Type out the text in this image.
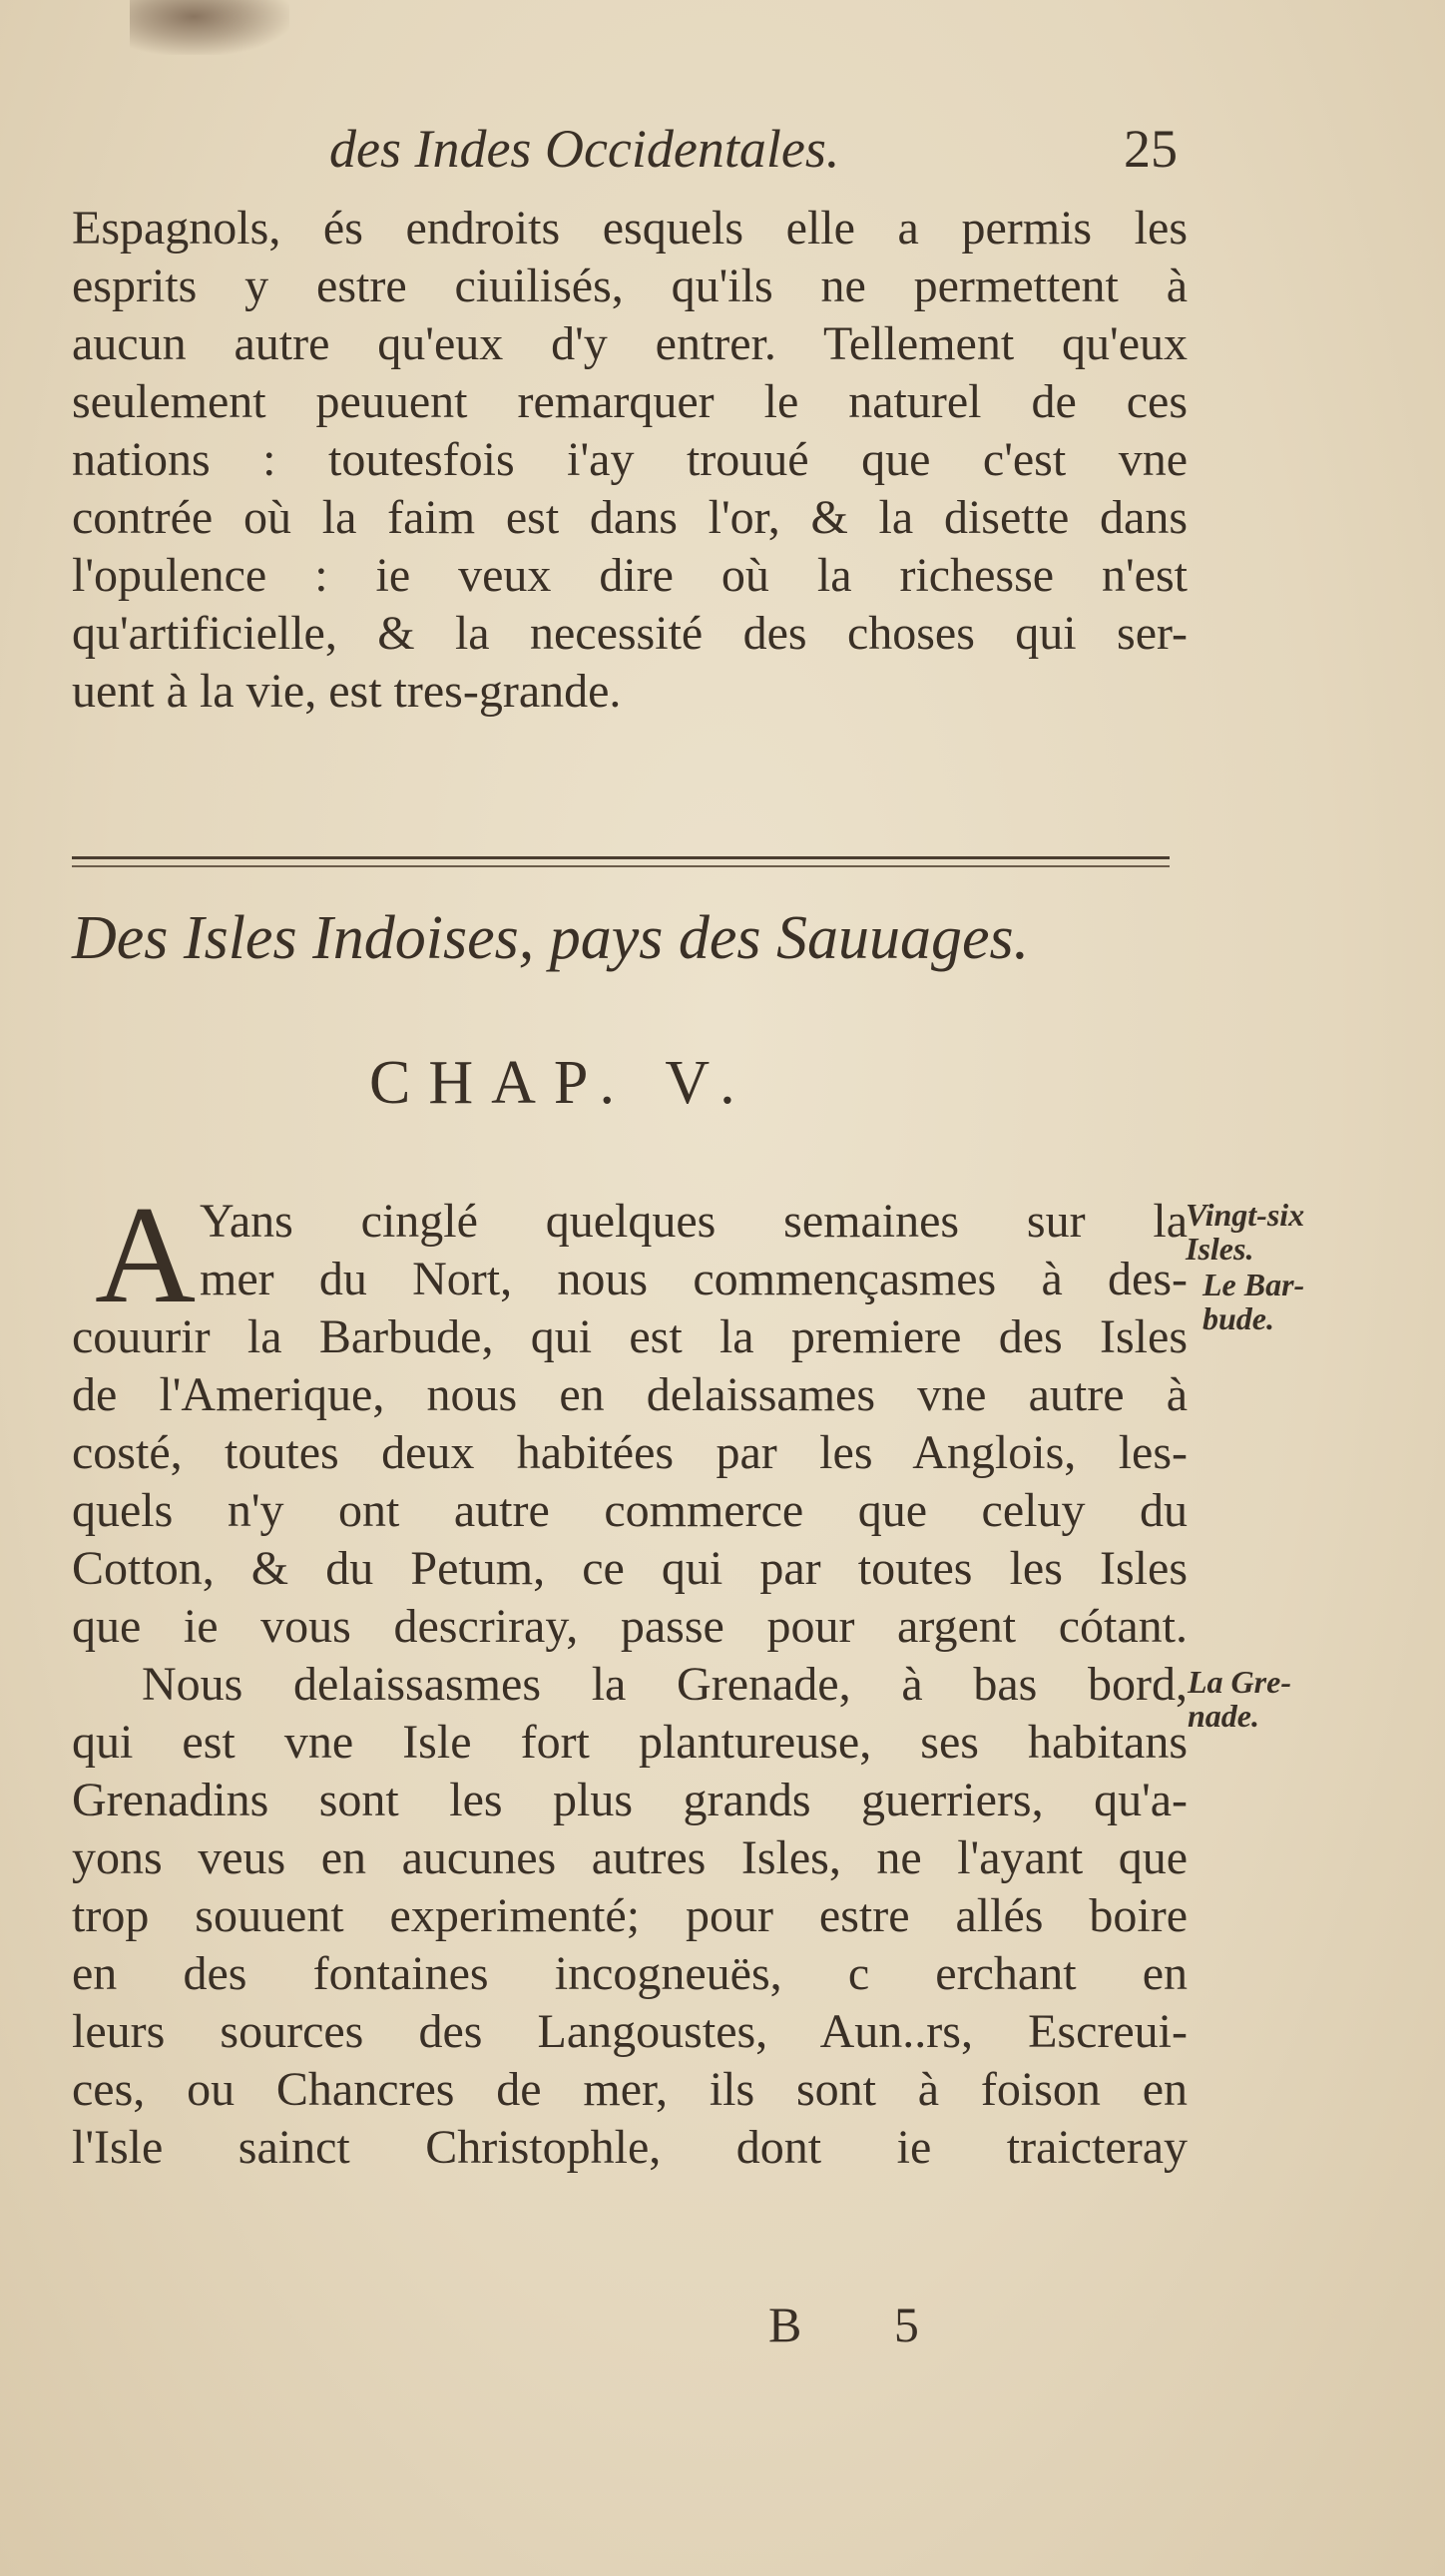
des Indes Occidentales.	25
Espagnols, és endroits esquels elle a permis les
esprits y estre ciuilisés, qu'ils ne permettent à
aucun autre qu'eux d'y entrer. Tellement qu'eux
seulement peuuent remarquer le naturel de ces
nations : toutesfois i'ay trouué que c'est vne
contrée où la faim est dans l'or, & la disette dans
l'opulence : ie veux dire où la richesse n'est
qu'artificielle, & la necessité des choses qui ser-
uent à la vie, est tres-grande.
Des Isles Indoises, pays des Sauuages.
CHAP. V.
A Yans cinglé quelques semaines sur la
mer du Nort, nous commençasmes à des-
couurir la Barbude, qui est la premiere des Isles
de l'Amerique, nous en delaissames vne autre à
costé, toutes deux habitées par les Anglois, les-
quels n'y ont autre commerce que celuy du
Cotton, & du Petum, ce qui par toutes les Isles
que ie vous descriray, passe pour argent cótant.
Nous delaissasmes la Grenade, à bas bord,
qui est vne Isle fort plantureuse, ses habitans
Grenadins sont les plus grands guerriers, qu'a-
yons veus en aucunes autres Isles, ne l'ayant que
trop souuent experimenté; pour estre allés boire
en des fontaines incogneuës, c erchant en
leurs sources des Langoustes, Aun..rs, Escreui-
ces, ou Chancres de mer, ils sont à foison en
l'Isle sainct Christophle, dont ie traicteray
Vingt-six
Isles.
Le Bar-
bude.
La Gre-
nade.
B 5
